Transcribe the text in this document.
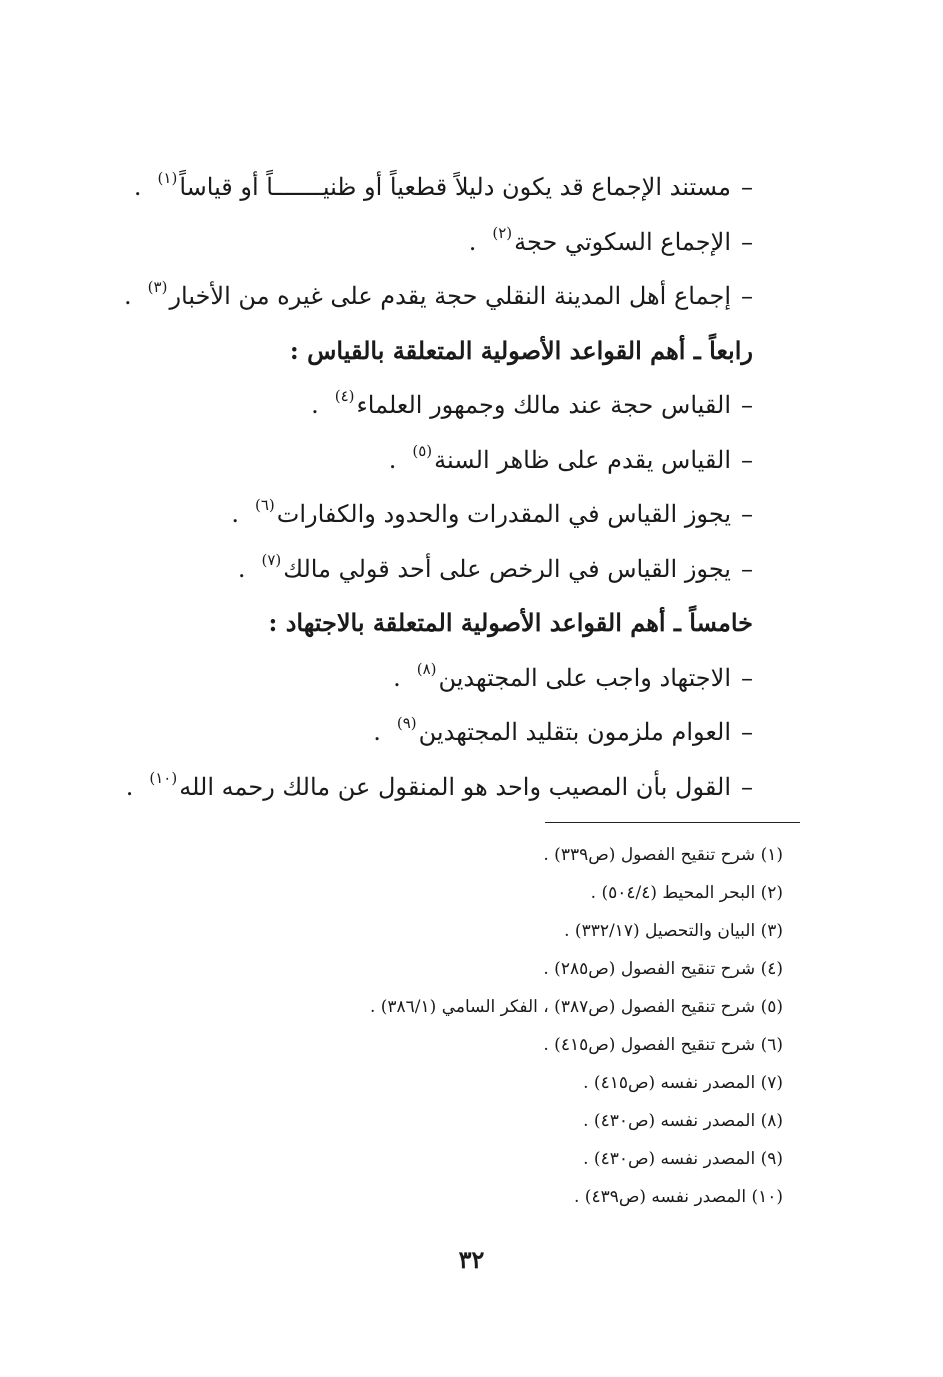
–مستند الإجماع قد يكون دليلاً قطعياً أو ظنيـــــــاً أو قياساً$^{(١)}$.
–الإجماع السكوتي حجة$^{(٢)}$.
–إجماع أهل المدينة النقلي حجة يقدم على غيره من الأخبار$^{(٣)}$.
رابعاً ـ أهم القواعد الأصولية المتعلقة بالقياس :
–القياس حجة عند مالك وجمهور العلماء$^{(٤)}$.
–القياس يقدم على ظاهر السنة$^{(٥)}$.
–يجوز القياس في المقدرات والحدود والكفارات$^{(٦)}$.
–يجوز القياس في الرخص على أحد قولي مالك$^{(٧)}$.
خامساً ـ أهم القواعد الأصولية المتعلقة بالاجتهاد :
–الاجتهاد واجب على المجتهدين$^{(٨)}$.
–العوام ملزمون بتقليد المجتهدين$^{(٩)}$.
–القول بأن المصيب واحد هو المنقول عن مالك رحمه الله$^{(١٠)}$.
(١) شرح تنقيح الفصول (ص٣٣٩) .
(٢) البحر المحيط (٥٠٤/٤) .
(٣) البيان والتحصيل (٣٣٢/١٧) .
(٤) شرح تنقيح الفصول (ص٢٨٥) .
(٥) شرح تنقيح الفصول (ص٣٨٧) ، الفكر السامي (٣٨٦/١) .
(٦) شرح تنقيح الفصول (ص٤١٥) .
(٧) المصدر نفسه (ص٤١٥) .
(٨) المصدر نفسه (ص٤٣٠) .
(٩) المصدر نفسه (ص٤٣٠) .
(١٠) المصدر نفسه (ص٤٣٩) .
٣٢
